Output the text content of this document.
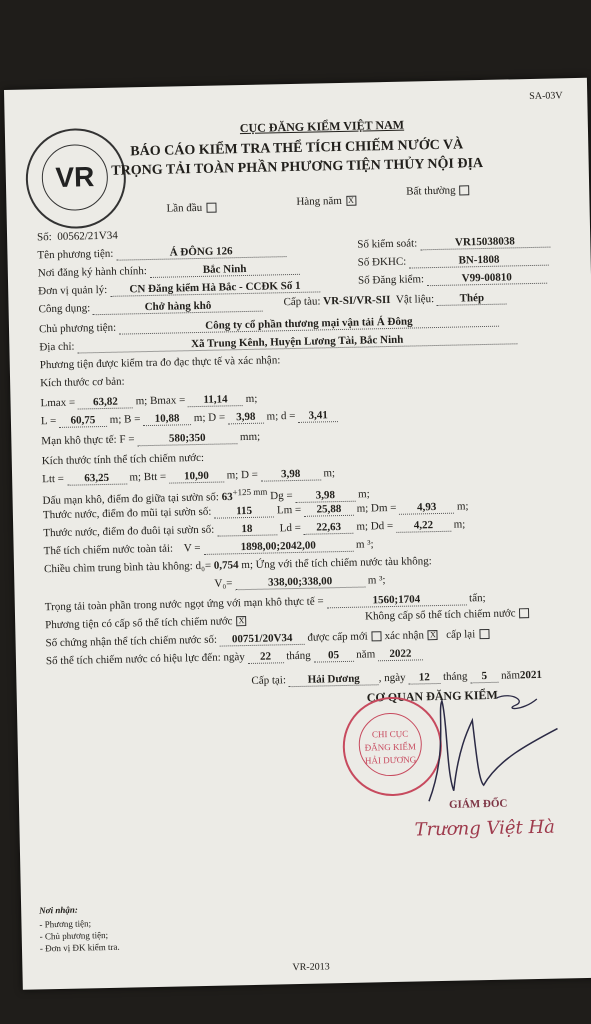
SA-03V
VR
CỤC ĐĂNG KIỂM VIỆT NAM
BÁO CÁO KIỂM TRA THỂ TÍCH CHIẾM NƯỚC VÀ
TRỌNG TẢI TOÀN PHẦN PHƯƠNG TIỆN THỦY NỘI ĐỊA
Lần đầu
Hàng năm X
Bất thường
Số: 00562/21V34
Tên phương tiện:	Á ĐÔNG 126
Số kiểm soát:	VR15038038
Nơi đăng ký hành chính:	Bắc Ninh
Số ĐKHC:	BN-1808
Đơn vị quản lý: CN Đăng kiểm Hà Bắc - CCĐK Số 1	Số Đăng kiểm:	V99-00810
Công dụng:	Chở hàng khô	Cấp tàu: VR-SI/VR-SII Vật liệu: Thép
Chủ phương tiện:	Công ty cổ phần thương mại vận tải Á Đông
Địa chỉ:	Xã Trung Kênh, Huyện Lương Tài, Bắc Ninh
Phương tiện được kiểm tra đo đạc thực tế và xác nhận:
Kích thước cơ bản:
Lmax = 63,82 m; Bmax = 11,14 m;
L = 60,75 m; B = 10,88 m; D = 3,98 m; d = 3,41
Mạn khô thực tế: F =	580;350	mm;
Kích thước tính thể tích chiếm nước:
Ltt = 63,25 m; Btt = 10,90 m; D = 3,98 m;
Dấu mạn khô, điểm đo giữa tại sườn số: $63^{+125 mm}$ Dg = 3,98 m;
Thước nước, điểm đo mũi tại sườn số: 115 Lm = 25,88 m; Dm = 4,93 m;
Thước nước, điểm đo đuôi tại sườn số: 18 Ld = 22,63 m; Dd = 4,22 m;
Thể tích chiếm nước toàn tải: V =	1898,00;2042,00	m ³;
Chiều chìm trung bình tàu không: d₀= 0,754 m; Ứng với thể tích chiếm nước tàu không:
V₀=	338,00;338,00	m ³;
Trọng tải toàn phần trong nước ngọt ứng với mạn khô thực tế =	1560;1704	tấn;
Phương tiện có cấp sổ thể tích chiếm nước X	Không cấp sổ thể tích chiếm nước
Số chứng nhận thể tích chiếm nước số: 00751/20V34 được cấp mới xác nhận X cấp lại
Sổ thể tích chiếm nước có hiệu lực đến: ngày 22 tháng 05 năm 2022
Cấp tại: Hải Dương , ngày 12 tháng 5 năm2021
CƠ QUAN ĐĂNG KIỂM
CHI CỤC
ĐĂNG KIỂM
HẢI DƯƠNG
GIÁM ĐỐC
Trương Việt Hà
Nơi nhận:
- Phương tiện;
- Chủ phương tiện;
- Đơn vị ĐK kiểm tra.
VR-2013
